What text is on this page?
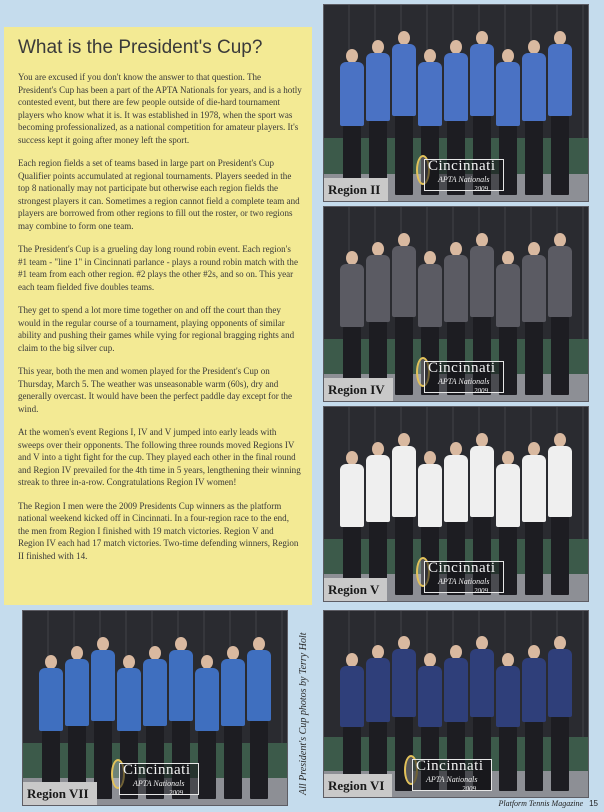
What is the President's Cup?

You are excused if you don't know the answer to that question. The President's Cup has been a part of the APTA Nationals for years, and is a hotly contested event, but there are few people outside of die-hard tournament players who know what it is. It was established in 1978, when the sport was becoming professionalized, as a national competition for amateur players. It's success kept it going after money left the sport.

Each region fields a set of teams based in large part on President's Cup Qualifier points accumulated at regional tournaments. Players seeded in the top 8 nationally may not participate but otherwise each region fields the strongest players it can. Sometimes a region cannot field a complete team and players are borrowed from other regions to fill out the roster, or two regions may combine to form one team.

The President's Cup is a grueling day long round robin event. Each region's #1 team - "line 1" in Cincinnati parlance - plays a round robin match with the #1 team from each other region. #2 plays the other #2s, and so on. This year each team fielded five doubles teams.

They get to spend a lot more time together on and off the court than they would in the regular course of a tournament, playing opponents of similar ability and pushing their games while vying for regional bragging rights and claim to the big silver cup.

This year, both the men and women played for the President's Cup on Thursday, March 5. The weather was unseasonable warm (60s), dry and generally overcast. It would have been the perfect paddle day except for the wind.

At the women's event Regions I, IV and V jumped into early leads with sweeps over their opponents. The following three rounds moved Regions IV and V into a tight fight for the cup. They played each other in the final round and Region IV prevailed for the 4th time in 5 years, lengthening their winning streak to three in-a-row. Congratulations Region IV women!

The Region I men were the 2009 Presidents Cup winners as the platform national weekend kicked off in Cincinnati. In a four-region race to the end, the men from Region I finished with 19 match victories. Region V and Region IV each had 17 match victories. Two-time defending winners, Region II finished with 14.

Cincinnati
APTA Nationals
2009
Region II
Cincinnati
APTA Nationals
2009
Region IV
Cincinnati
APTA Nationals
2009
Region V
Cincinnati
APTA Nationals
2009
Region VII
Cincinnati
APTA Nationals
2009
Region VI
All President's Cup photos by Terry Holt
Platform Tennis Magazine 15
